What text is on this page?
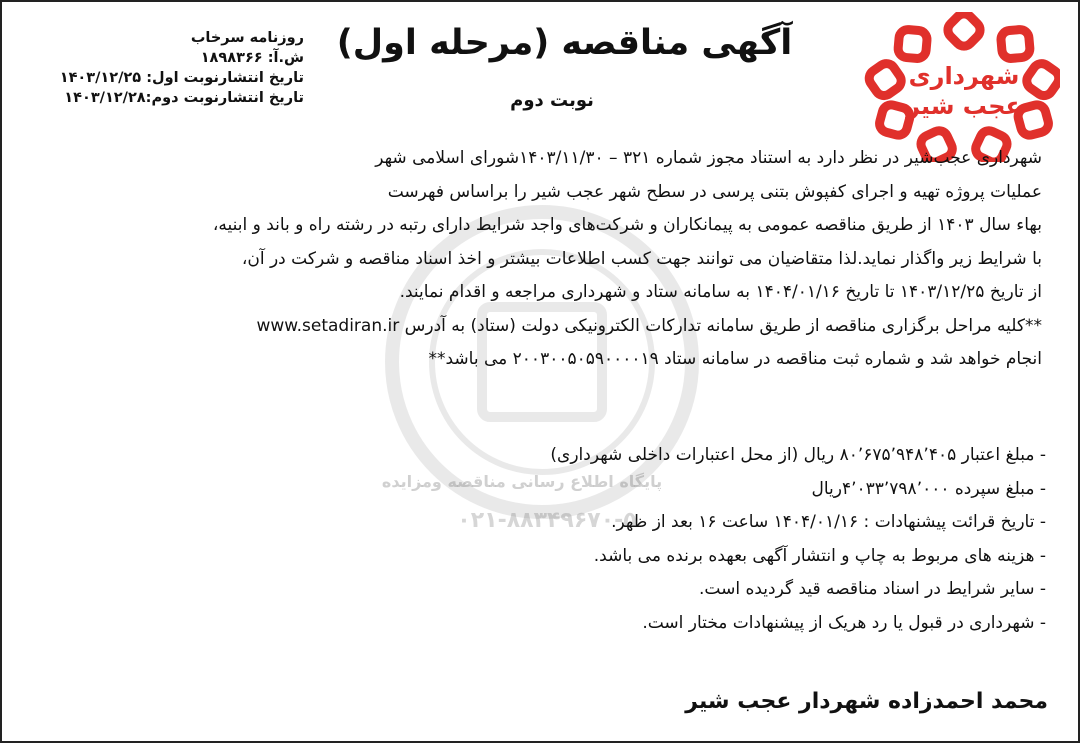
شهرداری
عجب شیر
روزنامه سرخاب
ش.آ: ۱۸۹۸۳۶۶
تاریخ انتشارنوبت اول: ۱۴۰۳/۱۲/۲۵
تاریخ انتشارنوبت دوم:۱۴۰۳/۱۲/۲۸
آگهی مناقصه (مرحله اول)
نوبت دوم
پایگاه اطلاع رسانی مناقصه ومزایده
۰۲۱-۸۸۳۴۹۶۷۰-۵
شهرداری عجب‌شیر در نظر دارد به استناد مجوز شماره ۳۲۱ – ۱۴۰۳/۱۱/۳۰شورای اسلامی شهر
عملیات پروژه تهیه و اجرای کفپوش بتنی پرسی در سطح شهر عجب شیر را براساس فهرست
بهاء سال ۱۴۰۳ از طریق مناقصه عمومی به پیمانکاران و شرکت‌های واجد شرایط دارای رتبه در رشته راه و باند و ابنیه،
با شرایط زیر واگذار نماید.لذا متقاضیان می توانند جهت کسب اطلاعات بیشتر و اخذ اسناد مناقصه و شرکت در آن،
از تاریخ ۱۴۰۳/۱۲/۲۵ تا تاریخ ۱۴۰۴/۰۱/۱۶ به سامانه ستاد و شهرداری مراجعه و اقدام نمایند.
**کلیه مراحل برگزاری مناقصه از طریق سامانه تدارکات الکترونیکی دولت (ستاد) به آدرس www.setadiran.ir
انجام خواهد شد و شماره ثبت مناقصه در سامانه ستاد ۲۰۰۳۰۰۵۰۵۹۰۰۰۰۱۹ می باشد**
- مبلغ اعتبار ۸۰٬۶۷۵٬۹۴۸٬۴۰۵ ریال (از محل اعتبارات داخلی شهرداری)
- مبلغ سپرده ۴٬۰۳۳٬۷۹۸٬۰۰۰ریال
- تاریخ قرائت پیشنهادات : ۱۴۰۴/۰۱/۱۶ ساعت ۱۶ بعد از ظهر.
- هزینه های مربوط به چاپ و انتشار آگهی بعهده برنده می باشد.
- سایر شرایط در اسناد مناقصه قید گردیده است.
- شهرداری در قبول یا رد هریک از پیشنهادات مختار است.
محمد احمدزاده شهردار عجب شیر
